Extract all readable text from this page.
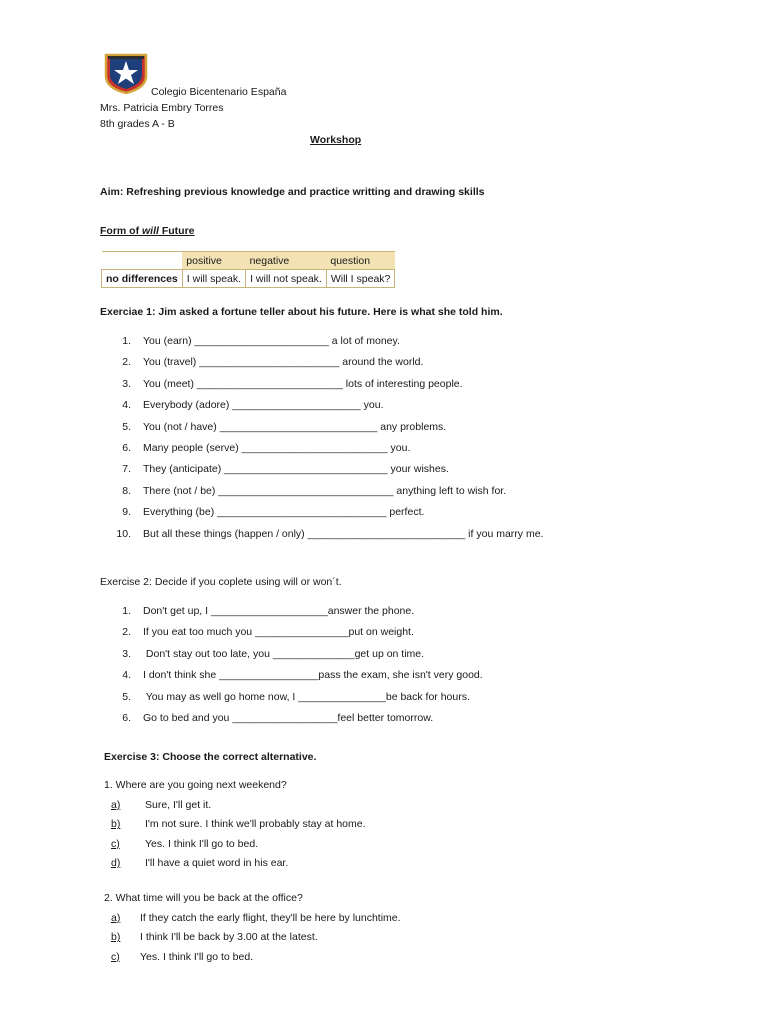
Colegio Bicentenario España
Mrs. Patricia Embry Torres
8th grades A - B
Workshop
Aim: Refreshing previous knowledge and practice writting and drawing skills
Form of will Future
	positive	negative	question
no differences	I will speak.	I will not speak.	Will I speak?
Exerciae 1: Jim asked a fortune teller about his future. Here is what she told him.
1. You (earn) _______________________ a lot of money.
2. You (travel) ________________________ around the world.
3. You (meet) _________________________ lots of interesting people.
4. Everybody (adore) ______________________ you.
5. You (not / have) ___________________________ any problems.
6. Many people (serve) _________________________ you.
7. They (anticipate) ____________________________ your wishes.
8. There (not / be) ______________________________ anything left to wish for.
9. Everything (be) _____________________________ perfect.
10. But all these things (happen / only) ___________________________ if you marry me.
Exercise 2: Decide if you coplete using will or won´t.
1. Don't get up, I ____________________answer the phone.
2. If you eat too much you ________________put on weight.
3. Don't stay out too late, you ______________get up on time.
4. I don't think she _________________pass the exam, she isn't very good.
5. You may as well go home now, I _______________be back for hours.
6. Go to bed and you __________________feel better tomorrow.
Exercise 3: Choose the correct alternative.
1. Where are you going next weekend?
a) Sure, I'll get it.
b) I'm not sure. I think we'll probably stay at home.
c) Yes. I think I'll go to bed.
d) I'll have a quiet word in his ear.
2. What time will you be back at the office?
a) If they catch the early flight, they'll be here by lunchtime.
b) I think I'll be back by 3.00 at the latest.
c) Yes. I think I'll go to bed.
